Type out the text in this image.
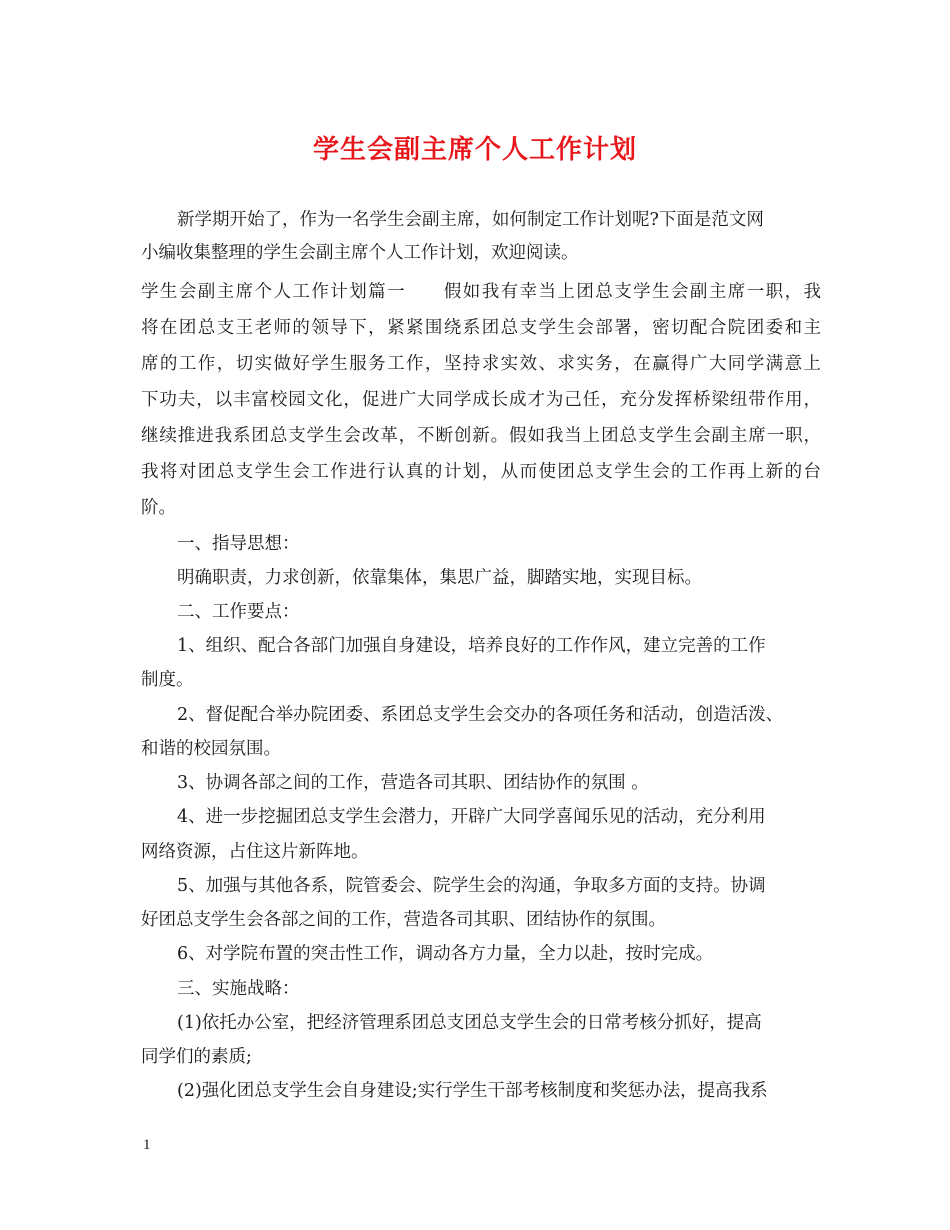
学生会副主席个人工作计划
新学期开始了，作为一名学生会副主席，如何制定工作计划呢?下面是范文网
小编收集整理的学生会副主席个人工作计划，欢迎阅读。
学生会副主席个人工作计划篇一　　假如我有幸当上团总支学生会副主席一职，我
将在团总支王老师的领导下，紧紧围绕系团总支学生会部署，密切配合院团委和主
席的工作，切实做好学生服务工作，坚持求实效、求实务，在赢得广大同学满意上
下功夫，以丰富校园文化，促进广大同学成长成才为己任，充分发挥桥梁纽带作用，
继续推进我系团总支学生会改革，不断创新。假如我当上团总支学生会副主席一职，
我将对团总支学生会工作进行认真的计划，从而使团总支学生会的工作再上新的台
阶。
一、指导思想：
明确职责，力求创新，依靠集体，集思广益，脚踏实地，实现目标。
二、工作要点：
1、组织、配合各部门加强自身建设，培养良好的工作作风，建立完善的工作
制度。
2、督促配合举办院团委、系团总支学生会交办的各项任务和活动，创造活泼、
和谐的校园氛围。
3、协调各部之间的工作，营造各司其职、团结协作的氛围 。
4、进一步挖掘团总支学生会潜力，开辟广大同学喜闻乐见的活动，充分利用
网络资源，占住这片新阵地。
5、加强与其他各系，院管委会、院学生会的沟通，争取多方面的支持。协调
好团总支学生会各部之间的工作，营造各司其职、团结协作的氛围。
6、对学院布置的突击性工作，调动各方力量，全力以赴，按时完成。
三、实施战略：
(1)依托办公室，把经济管理系团总支团总支学生会的日常考核分抓好，提高
同学们的素质;
(2)强化团总支学生会自身建设;实行学生干部考核制度和奖惩办法，提高我系
1
